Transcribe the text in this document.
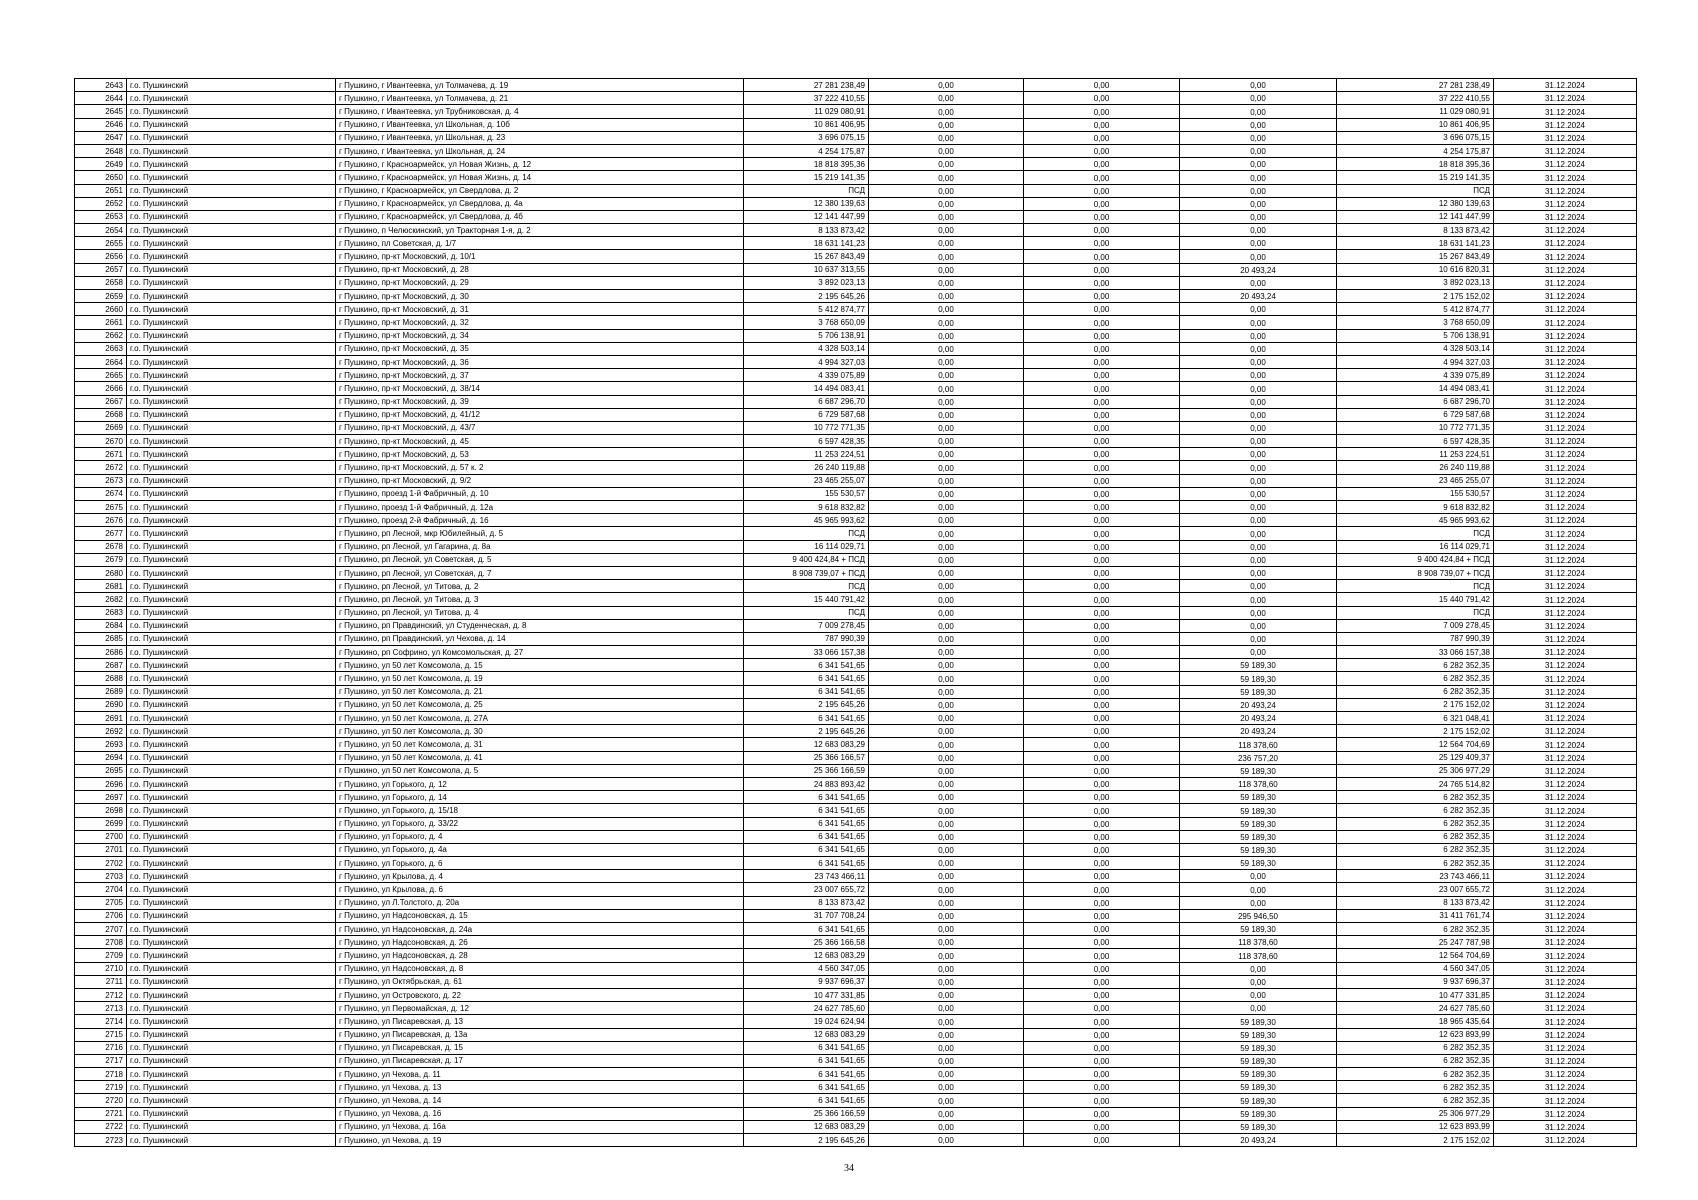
2643	г.о. Пушкинский	г Пушкино, г Ивантеевка, ул Толмачева, д. 19	27 281 238,49	0,00	0,00	0,00	27 281 238,49	31.12.2024
2644	г.о. Пушкинский	г Пушкино, г Ивантеевка, ул Толмачева, д. 21	37 222 410,55	0,00	0,00	0,00	37 222 410,55	31.12.2024
2645	г.о. Пушкинский	г Пушкино, г Ивантеевка, ул Трубниковская, д. 4	11 029 080,91	0,00	0,00	0,00	11 029 080,91	31.12.2024
2646	г.о. Пушкинский	г Пушкино, г Ивантеевка, ул Школьная, д. 10б	10 861 406,95	0,00	0,00	0,00	10 861 406,95	31.12.2024
2647	г.о. Пушкинский	г Пушкино, г Ивантеевка, ул Школьная, д. 23	3 696 075,15	0,00	0,00	0,00	3 696 075,15	31.12.2024
2648	г.о. Пушкинский	г Пушкино, г Ивантеевка, ул Школьная, д. 24	4 254 175,87	0,00	0,00	0,00	4 254 175,87	31.12.2024
2649	г.о. Пушкинский	г Пушкино, г Красноармейск, ул Новая Жизнь, д. 12	18 818 395,36	0,00	0,00	0,00	18 818 395,36	31.12.2024
2650	г.о. Пушкинский	г Пушкино, г Красноармейск, ул Новая Жизнь, д. 14	15 219 141,35	0,00	0,00	0,00	15 219 141,35	31.12.2024
2651	г.о. Пушкинский	г Пушкино, г Красноармейск, ул Свердлова, д. 2	ПСД	0,00	0,00	0,00	ПСД	31.12.2024
2652	г.о. Пушкинский	г Пушкино, г Красноармейск, ул Свердлова, д. 4а	12 380 139,63	0,00	0,00	0,00	12 380 139,63	31.12.2024
2653	г.о. Пушкинский	г Пушкино, г Красноармейск, ул Свердлова, д. 4б	12 141 447,99	0,00	0,00	0,00	12 141 447,99	31.12.2024
2654	г.о. Пушкинский	г Пушкино, п Челюскинский, ул Тракторная 1-я, д. 2	8 133 873,42	0,00	0,00	0,00	8 133 873,42	31.12.2024
2655	г.о. Пушкинский	г Пушкино, пл Советская, д. 1/7	18 631 141,23	0,00	0,00	0,00	18 631 141,23	31.12.2024
2656	г.о. Пушкинский	г Пушкино, пр-кт Московский, д. 10/1	15 267 843,49	0,00	0,00	0,00	15 267 843,49	31.12.2024
2657	г.о. Пушкинский	г Пушкино, пр-кт Московский, д. 28	10 637 313,55	0,00	0,00	20 493,24	10 616 820,31	31.12.2024
2658	г.о. Пушкинский	г Пушкино, пр-кт Московский, д. 29	3 892 023,13	0,00	0,00	0,00	3 892 023,13	31.12.2024
2659	г.о. Пушкинский	г Пушкино, пр-кт Московский, д. 30	2 195 645,26	0,00	0,00	20 493,24	2 175 152,02	31.12.2024
2660	г.о. Пушкинский	г Пушкино, пр-кт Московский, д. 31	5 412 874,77	0,00	0,00	0,00	5 412 874,77	31.12.2024
2661	г.о. Пушкинский	г Пушкино, пр-кт Московский, д. 32	3 768 650,09	0,00	0,00	0,00	3 768 650,09	31.12.2024
2662	г.о. Пушкинский	г Пушкино, пр-кт Московский, д. 34	5 706 138,91	0,00	0,00	0,00	5 706 138,91	31.12.2024
2663	г.о. Пушкинский	г Пушкино, пр-кт Московский, д. 35	4 328 503,14	0,00	0,00	0,00	4 328 503,14	31.12.2024
2664	г.о. Пушкинский	г Пушкино, пр-кт Московский, д. 36	4 994 327,03	0,00	0,00	0,00	4 994 327,03	31.12.2024
2665	г.о. Пушкинский	г Пушкино, пр-кт Московский, д. 37	4 339 075,89	0,00	0,00	0,00	4 339 075,89	31.12.2024
2666	г.о. Пушкинский	г Пушкино, пр-кт Московский, д. 38/14	14 494 083,41	0,00	0,00	0,00	14 494 083,41	31.12.2024
2667	г.о. Пушкинский	г Пушкино, пр-кт Московский, д. 39	6 687 296,70	0,00	0,00	0,00	6 687 296,70	31.12.2024
2668	г.о. Пушкинский	г Пушкино, пр-кт Московский, д. 41/12	6 729 587,68	0,00	0,00	0,00	6 729 587,68	31.12.2024
2669	г.о. Пушкинский	г Пушкино, пр-кт Московский, д. 43/7	10 772 771,35	0,00	0,00	0,00	10 772 771,35	31.12.2024
2670	г.о. Пушкинский	г Пушкино, пр-кт Московский, д. 45	6 597 428,35	0,00	0,00	0,00	6 597 428,35	31.12.2024
2671	г.о. Пушкинский	г Пушкино, пр-кт Московский, д. 53	11 253 224,51	0,00	0,00	0,00	11 253 224,51	31.12.2024
2672	г.о. Пушкинский	г Пушкино, пр-кт Московский, д. 57 к. 2	26 240 119,88	0,00	0,00	0,00	26 240 119,88	31.12.2024
2673	г.о. Пушкинский	г Пушкино, пр-кт Московский, д. 9/2	23 465 255,07	0,00	0,00	0,00	23 465 255,07	31.12.2024
2674	г.о. Пушкинский	г Пушкино, проезд 1-й Фабричный, д. 10	155 530,57	0,00	0,00	0,00	155 530,57	31.12.2024
2675	г.о. Пушкинский	г Пушкино, проезд 1-й Фабричный, д. 12а	9 618 832,82	0,00	0,00	0,00	9 618 832,82	31.12.2024
2676	г.о. Пушкинский	г Пушкино, проезд 2-й Фабричный, д. 16	45 965 993,62	0,00	0,00	0,00	45 965 993,62	31.12.2024
2677	г.о. Пушкинский	г Пушкино, рп Лесной, мкр Юбилейный, д. 5	ПСД	0,00	0,00	0,00	ПСД	31.12.2024
2678	г.о. Пушкинский	г Пушкино, рп Лесной, ул Гагарина, д. 8а	16 114 029,71	0,00	0,00	0,00	16 114 029,71	31.12.2024
2679	г.о. Пушкинский	г Пушкино, рп Лесной, ул Советская, д. 5	9 400 424,84 + ПСД	0,00	0,00	0,00	9 400 424,84 + ПСД	31.12.2024
2680	г.о. Пушкинский	г Пушкино, рп Лесной, ул Советская, д. 7	8 908 739,07 + ПСД	0,00	0,00	0,00	8 908 739,07 + ПСД	31.12.2024
2681	г.о. Пушкинский	г Пушкино, рп Лесной, ул Титова, д. 2	ПСД	0,00	0,00	0,00	ПСД	31.12.2024
2682	г.о. Пушкинский	г Пушкино, рп Лесной, ул Титова, д. 3	15 440 791,42	0,00	0,00	0,00	15 440 791,42	31.12.2024
2683	г.о. Пушкинский	г Пушкино, рп Лесной, ул Титова, д. 4	ПСД	0,00	0,00	0,00	ПСД	31.12.2024
2684	г.о. Пушкинский	г Пушкино, рп Правдинский, ул Студенческая, д. 8	7 009 278,45	0,00	0,00	0,00	7 009 278,45	31.12.2024
2685	г.о. Пушкинский	г Пушкино, рп Правдинский, ул Чехова, д. 14	787 990,39	0,00	0,00	0,00	787 990,39	31.12.2024
2686	г.о. Пушкинский	г Пушкино, рп Софрино, ул Комсомольская, д. 27	33 066 157,38	0,00	0,00	0,00	33 066 157,38	31.12.2024
2687	г.о. Пушкинский	г Пушкино, ул 50 лет Комсомола, д. 15	6 341 541,65	0,00	0,00	59 189,30	6 282 352,35	31.12.2024
2688	г.о. Пушкинский	г Пушкино, ул 50 лет Комсомола, д. 19	6 341 541,65	0,00	0,00	59 189,30	6 282 352,35	31.12.2024
2689	г.о. Пушкинский	г Пушкино, ул 50 лет Комсомола, д. 21	6 341 541,65	0,00	0,00	59 189,30	6 282 352,35	31.12.2024
2690	г.о. Пушкинский	г Пушкино, ул 50 лет Комсомола, д. 25	2 195 645,26	0,00	0,00	20 493,24	2 175 152,02	31.12.2024
2691	г.о. Пушкинский	г Пушкино, ул 50 лет Комсомола, д. 27А	6 341 541,65	0,00	0,00	20 493,24	6 321 048,41	31.12.2024
2692	г.о. Пушкинский	г Пушкино, ул 50 лет Комсомола, д. 30	2 195 645,26	0,00	0,00	20 493,24	2 175 152,02	31.12.2024
2693	г.о. Пушкинский	г Пушкино, ул 50 лет Комсомола, д. 31	12 683 083,29	0,00	0,00	118 378,60	12 564 704,69	31.12.2024
2694	г.о. Пушкинский	г Пушкино, ул 50 лет Комсомола, д. 41	25 366 166,57	0,00	0,00	236 757,20	25 129 409,37	31.12.2024
2695	г.о. Пушкинский	г Пушкино, ул 50 лет Комсомола, д. 5	25 366 166,59	0,00	0,00	59 189,30	25 306 977,29	31.12.2024
2696	г.о. Пушкинский	г Пушкино, ул Горького, д. 12	24 883 893,42	0,00	0,00	118 378,60	24 765 514,82	31.12.2024
2697	г.о. Пушкинский	г Пушкино, ул Горького, д. 14	6 341 541,65	0,00	0,00	59 189,30	6 282 352,35	31.12.2024
2698	г.о. Пушкинский	г Пушкино, ул Горького, д. 15/18	6 341 541,65	0,00	0,00	59 189,30	6 282 352,35	31.12.2024
2699	г.о. Пушкинский	г Пушкино, ул Горького, д. 33/22	6 341 541,65	0,00	0,00	59 189,30	6 282 352,35	31.12.2024
2700	г.о. Пушкинский	г Пушкино, ул Горького, д. 4	6 341 541,65	0,00	0,00	59 189,30	6 282 352,35	31.12.2024
2701	г.о. Пушкинский	г Пушкино, ул Горького, д. 4а	6 341 541,65	0,00	0,00	59 189,30	6 282 352,35	31.12.2024
2702	г.о. Пушкинский	г Пушкино, ул Горького, д. 6	6 341 541,65	0,00	0,00	59 189,30	6 282 352,35	31.12.2024
2703	г.о. Пушкинский	г Пушкино, ул Крылова, д. 4	23 743 466,11	0,00	0,00	0,00	23 743 466,11	31.12.2024
2704	г.о. Пушкинский	г Пушкино, ул Крылова, д. 6	23 007 655,72	0,00	0,00	0,00	23 007 655,72	31.12.2024
2705	г.о. Пушкинский	г Пушкино, ул Л.Толстого, д. 20а	8 133 873,42	0,00	0,00	0,00	8 133 873,42	31.12.2024
2706	г.о. Пушкинский	г Пушкино, ул Надсоновская, д. 15	31 707 708,24	0,00	0,00	295 946,50	31 411 761,74	31.12.2024
2707	г.о. Пушкинский	г Пушкино, ул Надсоновская, д. 24а	6 341 541,65	0,00	0,00	59 189,30	6 282 352,35	31.12.2024
2708	г.о. Пушкинский	г Пушкино, ул Надсоновская, д. 26	25 366 166,58	0,00	0,00	118 378,60	25 247 787,98	31.12.2024
2709	г.о. Пушкинский	г Пушкино, ул Надсоновская, д. 28	12 683 083,29	0,00	0,00	118 378,60	12 564 704,69	31.12.2024
2710	г.о. Пушкинский	г Пушкино, ул Надсоновская, д. 8	4 560 347,05	0,00	0,00	0,00	4 560 347,05	31.12.2024
2711	г.о. Пушкинский	г Пушкино, ул Октябрьская, д. 61	9 937 696,37	0,00	0,00	0,00	9 937 696,37	31.12.2024
2712	г.о. Пушкинский	г Пушкино, ул Островского, д. 22	10 477 331,85	0,00	0,00	0,00	10 477 331,85	31.12.2024
2713	г.о. Пушкинский	г Пушкино, ул Первомайская, д. 12	24 627 785,60	0,00	0,00	0,00	24 627 785,60	31.12.2024
2714	г.о. Пушкинский	г Пушкино, ул Писаревская, д. 13	19 024 624,94	0,00	0,00	59 189,30	18 965 435,64	31.12.2024
2715	г.о. Пушкинский	г Пушкино, ул Писаревская, д. 13а	12 683 083,29	0,00	0,00	59 189,30	12 623 893,99	31.12.2024
2716	г.о. Пушкинский	г Пушкино, ул Писаревская, д. 15	6 341 541,65	0,00	0,00	59 189,30	6 282 352,35	31.12.2024
2717	г.о. Пушкинский	г Пушкино, ул Писаревская, д. 17	6 341 541,65	0,00	0,00	59 189,30	6 282 352,35	31.12.2024
2718	г.о. Пушкинский	г Пушкино, ул Чехова, д. 11	6 341 541,65	0,00	0,00	59 189,30	6 282 352,35	31.12.2024
2719	г.о. Пушкинский	г Пушкино, ул Чехова, д. 13	6 341 541,65	0,00	0,00	59 189,30	6 282 352,35	31.12.2024
2720	г.о. Пушкинский	г Пушкино, ул Чехова, д. 14	6 341 541,65	0,00	0,00	59 189,30	6 282 352,35	31.12.2024
2721	г.о. Пушкинский	г Пушкино, ул Чехова, д. 16	25 366 166,59	0,00	0,00	59 189,30	25 306 977,29	31.12.2024
2722	г.о. Пушкинский	г Пушкино, ул Чехова, д. 16а	12 683 083,29	0,00	0,00	59 189,30	12 623 893,99	31.12.2024
2723	г.о. Пушкинский	г Пушкино, ул Чехова, д. 19	2 195 645,26	0,00	0,00	20 493,24	2 175 152,02	31.12.2024
34
